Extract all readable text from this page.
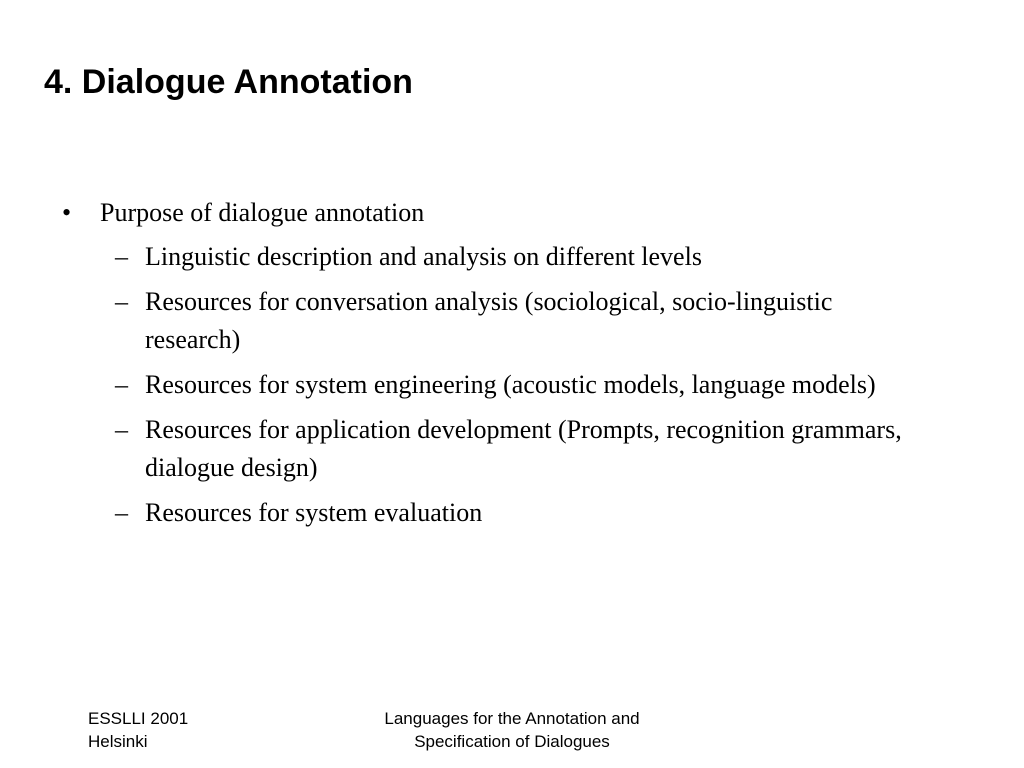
4. Dialogue Annotation
• Purpose of dialogue annotation
– Linguistic description and analysis on different levels
– Resources for conversation analysis (sociological, socio-linguistic research)
– Resources for system engineering (acoustic models, language models)
– Resources for application development (Prompts, recognition grammars, dialogue design)
– Resources for system evaluation
ESSLLI 2001
Helsinki
Languages for the Annotation and
Specification of Dialogues
